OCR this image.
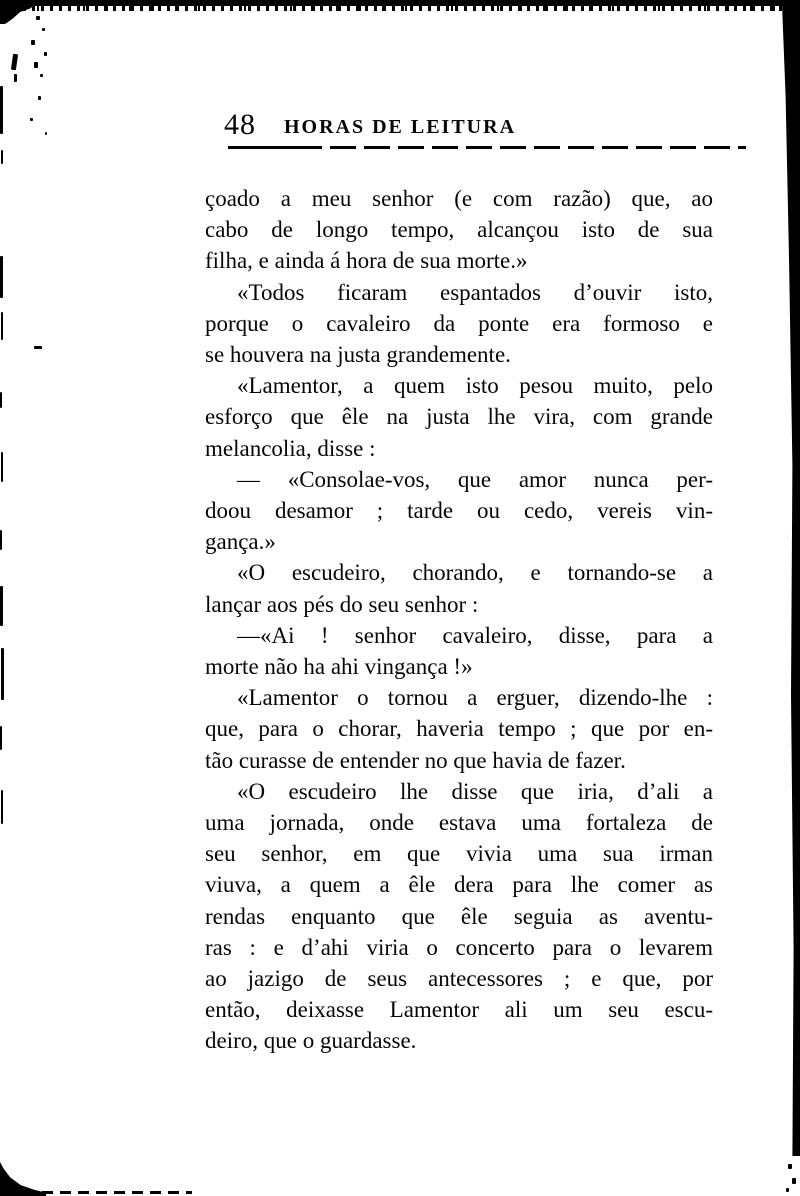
48	HORAS DE LEITURA
çoado a meu senhor (e com razão) que, ao
cabo de longo tempo, alcançou isto de sua
filha, e ainda á hora de sua morte.»
«Todos ficaram espantados d’ouvir isto,
porque o cavaleiro da ponte era formoso e
se houvera na justa grandemente.
«Lamentor, a quem isto pesou muito, pelo
esforço que êle na justa lhe vira, com grande
melancolia, disse :
— «Consolae-vos, que amor nunca per-
doou desamor ; tarde ou cedo, vereis vin-
gança.»
«O escudeiro, chorando, e tornando-se a
lançar aos pés do seu senhor :
—«Ai ! senhor cavaleiro, disse, para a
morte não ha ahi vingança !»
«Lamentor o tornou a erguer, dizendo-lhe :
que, para o chorar, haveria tempo ; que por en-
tão curasse de entender no que havia de fazer.
«O escudeiro lhe disse que iria, d’ali a
uma jornada, onde estava uma fortaleza de
seu senhor, em que vivia uma sua irman
viuva, a quem a êle dera para lhe comer as
rendas enquanto que êle seguia as aventu-
ras : e d’ahi viria o concerto para o levarem
ao jazigo de seus antecessores ; e que, por
então, deixasse Lamentor ali um seu escu-
deiro, que o guardasse.
